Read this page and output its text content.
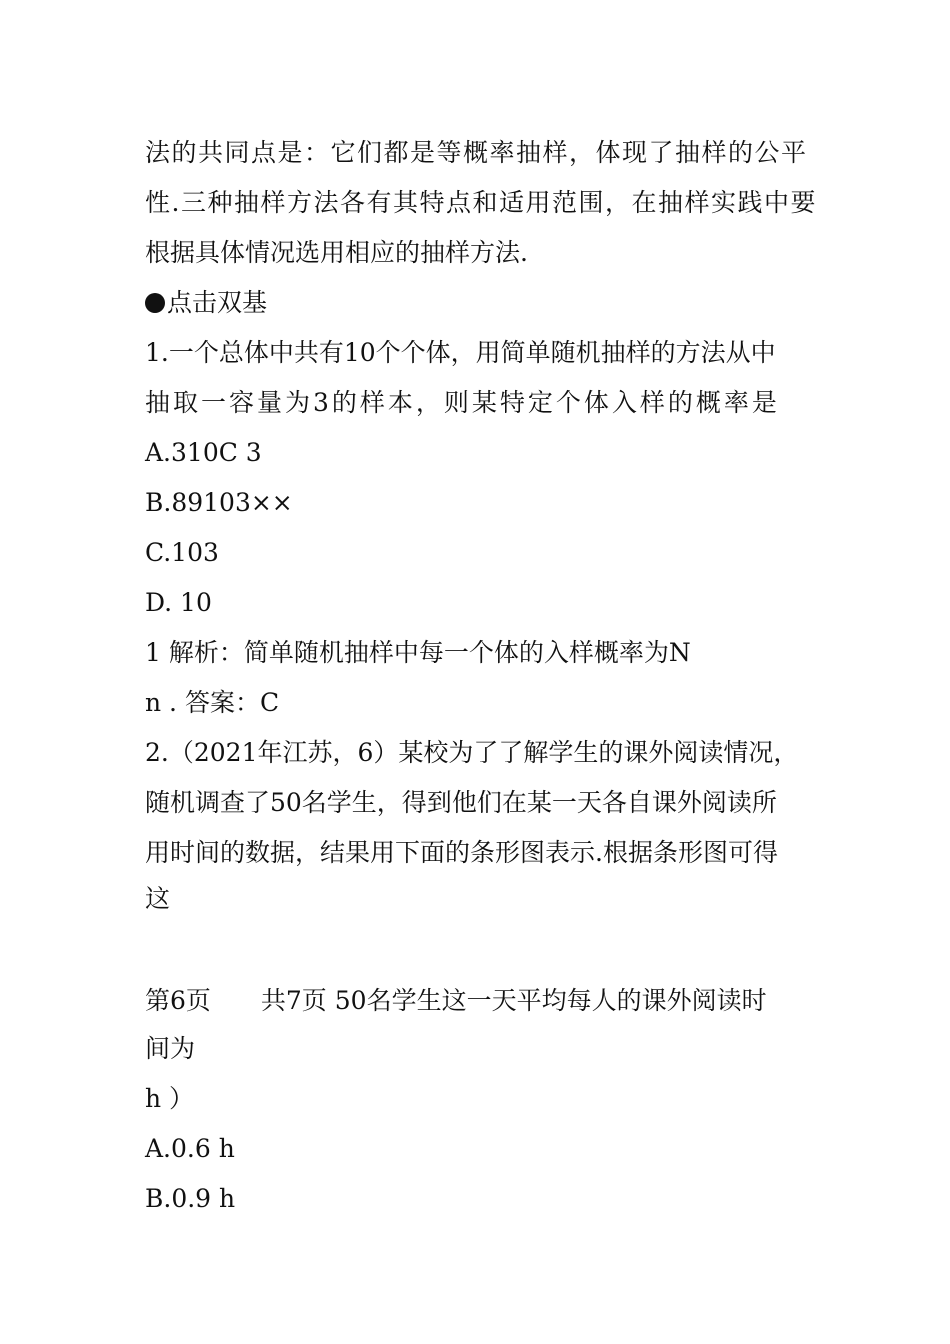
法的共同点是：它们都是等概率抽样，体现了抽样的公平
性.三种抽样方法各有其特点和适用范围，在抽样实践中要
根据具体情况选用相应的抽样方法.
点击双基
1.一个总体中共有10个个体，用简单随机抽样的方法从中
抽取一容量为3的样本，则某特定个体入样的概率是
A.310C 3
B.89103××
C.103
D. 10
1 解析：简单随机抽样中每一个体的入样概率为N
n . 答案：C
2.（2021年江苏，6）某校为了了解学生的课外阅读情况，
随机调查了50名学生，得到他们在某一天各自课外阅读所
用时间的数据，结果用下面的条形图表示.根据条形图可得
这
第6页　　共7页 50名学生这一天平均每人的课外阅读时
间为
h ）
A.0.6 h
B.0.9 h
